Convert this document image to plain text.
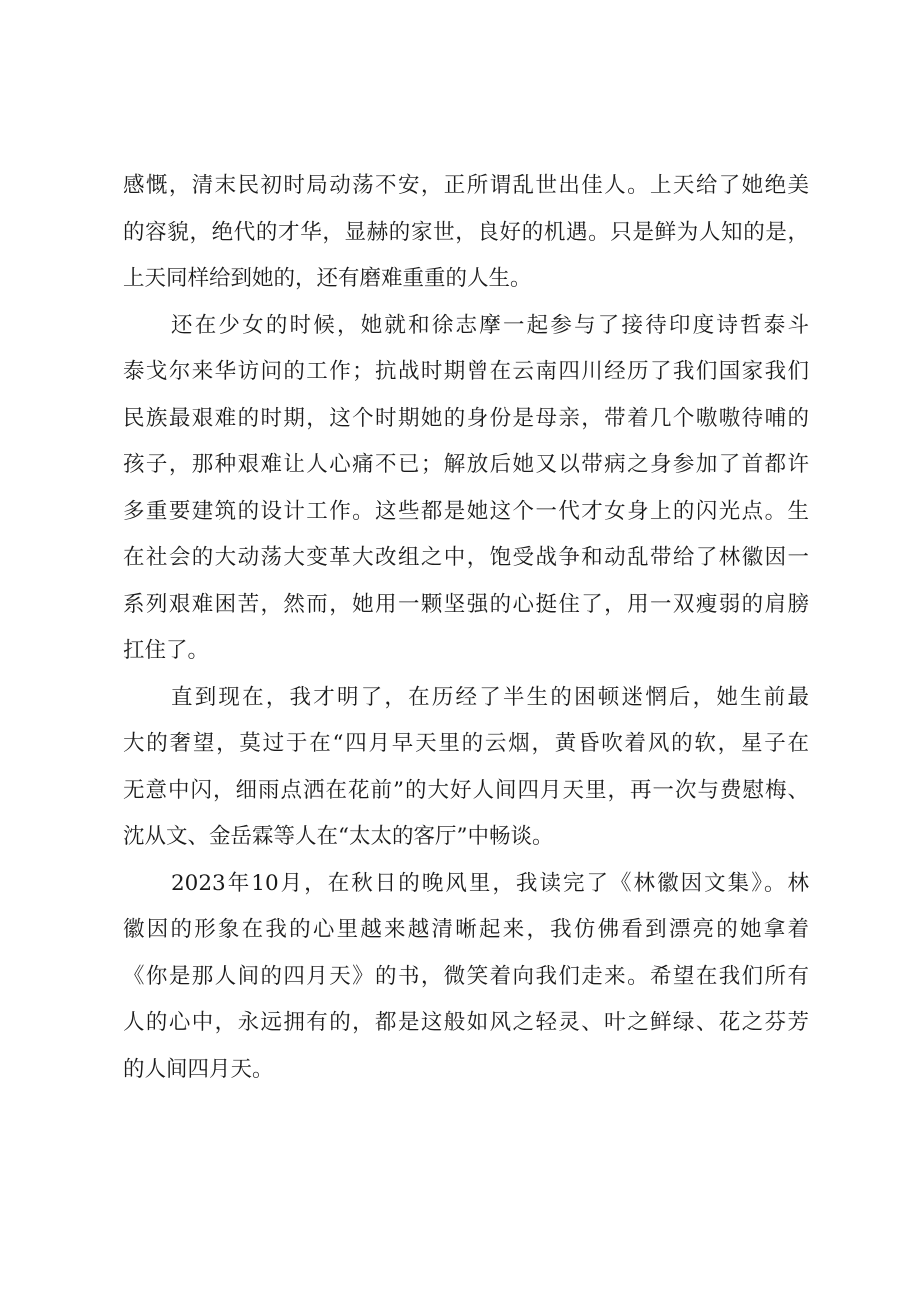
感慨，清末民初时局动荡不安，正所谓乱世出佳人。上天给了她绝美
的容貌，绝代的才华，显赫的家世，良好的机遇。只是鲜为人知的是，
上天同样给到她的，还有磨难重重的人生。
还在少女的时候，她就和徐志摩一起参与了接待印度诗哲泰斗
泰戈尔来华访问的工作；抗战时期曾在云南四川经历了我们国家我们
民族最艰难的时期，这个时期她的身份是母亲，带着几个嗷嗷待哺的
孩子，那种艰难让人心痛不已；解放后她又以带病之身参加了首都许
多重要建筑的设计工作。这些都是她这个一代才女身上的闪光点。生
在社会的大动荡大变革大改组之中，饱受战争和动乱带给了林徽因一
系列艰难困苦，然而，她用一颗坚强的心挺住了，用一双瘦弱的肩膀
扛住了。
直到现在，我才明了，在历经了半生的困顿迷惘后，她生前最
大的奢望，莫过于在“四月早天里的云烟，黄昏吹着风的软，星子在
无意中闪，细雨点洒在花前”的大好人间四月天里，再一次与费慰梅、
沈从文、金岳霖等人在“太太的客厅”中畅谈。
2023年10月，在秋日的晚风里，我读完了《林徽因文集》。林
徽因的形象在我的心里越来越清晰起来，我仿佛看到漂亮的她拿着
《你是那人间的四月天》的书，微笑着向我们走来。希望在我们所有
人的心中，永远拥有的，都是这般如风之轻灵、叶之鲜绿、花之芬芳
的人间四月天。
